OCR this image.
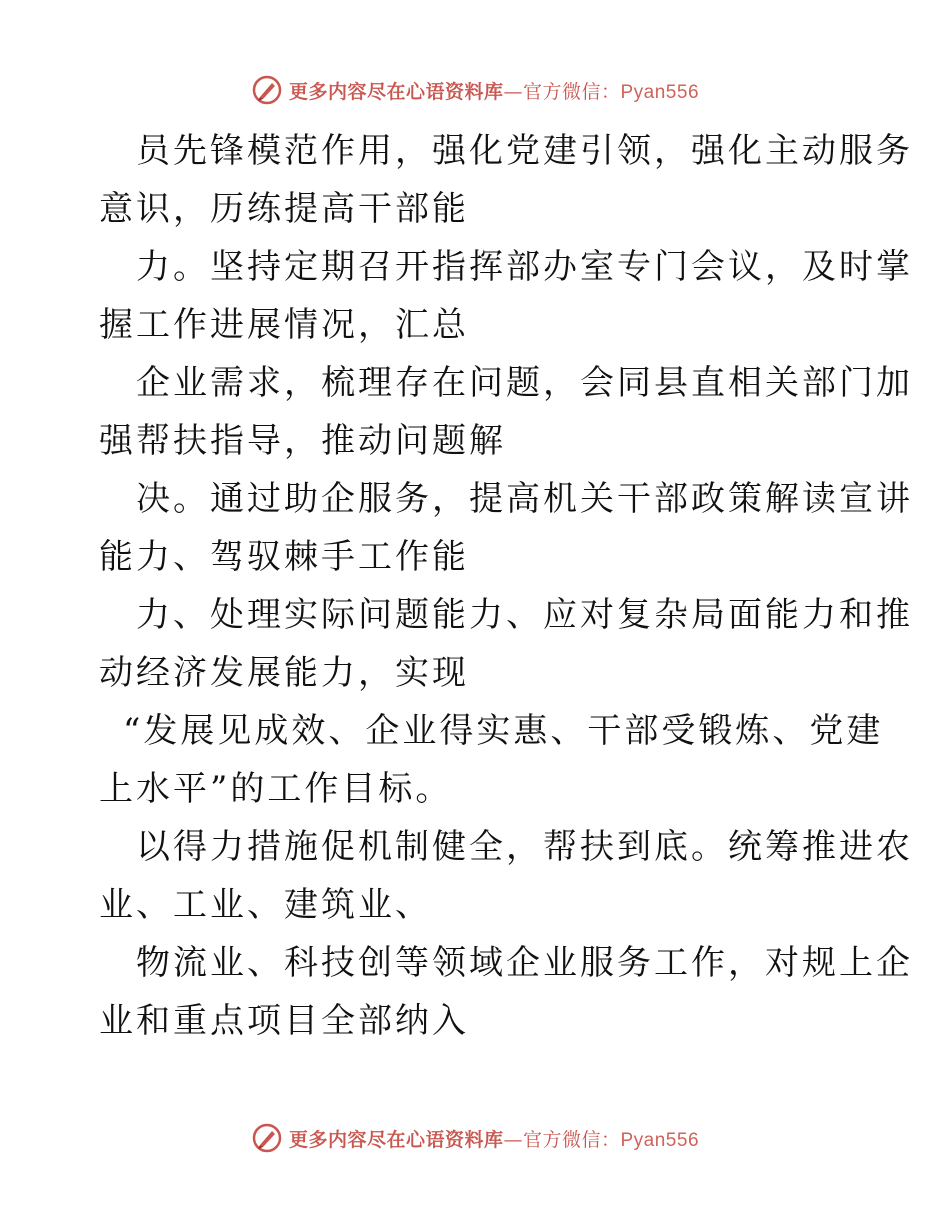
更多内容尽在心语资料库—官方微信：Pyan556
员先锋模范作用，强化党建引领，强化主动服务
意识，历练提高干部能
力。坚持定期召开指挥部办室专门会议，及时掌
握工作进展情况，汇总
企业需求，梳理存在问题，会同县直相关部门加
强帮扶指导，推动问题解
决。通过助企服务，提高机关干部政策解读宣讲
能力、驾驭棘手工作能
力、处理实际问题能力、应对复杂局面能力和推
动经济发展能力，实现
“发展见成效、企业得实惠、干部受锻炼、党建
上水平”的工作目标。
以得力措施促机制健全，帮扶到底。统筹推进农
业、工业、建筑业、
物流业、科技创等领域企业服务工作，对规上企
业和重点项目全部纳入
更多内容尽在心语资料库—官方微信：Pyan556
